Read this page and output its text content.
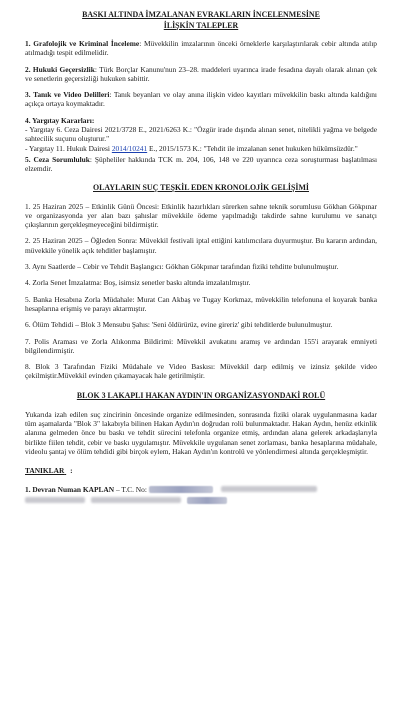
BASKI ALTINDA İMZALANAN EVRAKLARIN İNCELENMESİNE
İLİŞKİN TALEPLER

1. Grafolojik ve Kriminal İnceleme: Müvekkilin imzalarının önceki örneklerle karşılaştırılarak cebir altında atılıp atılmadığı tespit edilmelidir.

2. Hukuki Geçersizlik: Türk Borçlar Kanunu'nun 23–28. maddeleri uyarınca irade fesadına dayalı olarak alınan çek ve senetlerin geçersizliği hukuken sabittir.

3. Tanık ve Video Delilleri: Tanık beyanları ve olay anına ilişkin video kayıtları müvekkilin baskı altında kaldığını açıkça ortaya koymaktadır.

4. Yargıtay Kararları:

- Yargıtay 6. Ceza Dairesi 2021/3728 E., 2021/6263 K.: "Özgür irade dışında alınan senet, nitelikli yağma ve belgede sahtecilik suçunu oluşturur."

- Yargıtay 11. Hukuk Dairesi 2014/10241 E., 2015/1573 K.: "Tehdit ile imzalanan senet hukuken hükümsüzdür."

5. Ceza Sorumluluk: Şüpheliler hakkında TCK m. 204, 106, 148 ve 220 uyarınca ceza soruşturması başlatılması elzemdir.

OLAYLARIN SUÇ TEŞKİL EDEN KRONOLOJİK GELİŞİMİ
1. 25 Haziran 2025 – Etkinlik Günü Öncesi: Etkinlik hazırlıkları sürerken sahne teknik sorumlusu Gökhan Gökpınar ve organizasyonda yer alan bazı şahıslar müvekkile ödeme yapılmadığı takdirde sahne kurulumu ve sanatçı çıkışlarının gerçekleşmeyeceğini bildirmiştir.
2. 25 Haziran 2025 – Öğleden Sonra: Müvekkil festivali iptal ettiğini katılımcılara duyurmuştur. Bu kararın ardından, müvekkile yönelik açık tehditler başlamıştır.
3. Aynı Saatlerde – Cebir ve Tehdit Başlangıcı: Gökhan Gökpınar tarafından fiziki tehditte bulunulmuştur.
4. Zorla Senet İmzalatma: Boş, isimsiz senetler baskı altında imzalatılmıştır.
5. Banka Hesabına Zorla Müdahale: Murat Can Akbaş ve Tugay Korkmaz, müvekkilin telefonuna el koyarak banka hesaplarına erişmiş ve parayı aktarmıştır.
6. Ölüm Tehdidi – Blok 3 Mensubu Şahıs: 'Seni öldürürüz, evine gireriz' gibi tehditlerde bulunulmuştur.
7. Polis Araması ve Zorla Alıkonma Bildirimi: Müvekkil avukatını aramış ve ardından 155'i arayarak emniyeti bilgilendirmiştir.
8. Blok 3 Tarafından Fiziki Müdahale ve Video Baskısı: Müvekkil darp edilmiş ve izinsiz şekilde video çekilmiştir.Müvekkil evinden çıkamayacak hale getirilmiştir.
BLOK 3 LAKAPLI HAKAN AYDIN'IN ORGANİZASYONDAKİ ROLÜ
Yukarıda izah edilen suç zincirinin öncesinde organize edilmesinden, sonrasında fiziki olarak uygulanmasına kadar tüm aşamalarda "Blok 3" lakabıyla bilinen Hakan Aydın'ın doğrudan rolü bulunmaktadır. Hakan Aydın, henüz etkinlik alanına gelmeden önce bu baskı ve tehdit sürecini telefonla organize etmiş, ardından alana gelerek arkadaşlarıyla birlikte fiilen tehdit, cebir ve baskı uygulamıştır. Müvekkile uygulanan senet zorlaması, banka hesaplarına müdahale, videolu şantaj ve ölüm tehdidi gibi birçok eylem, Hakan Aydın'ın kontrolü ve yönlendirmesi altında gerçekleşmiştir.
TANIKLAR :
1. Devran Numan KAPLAN – T.C. No:
